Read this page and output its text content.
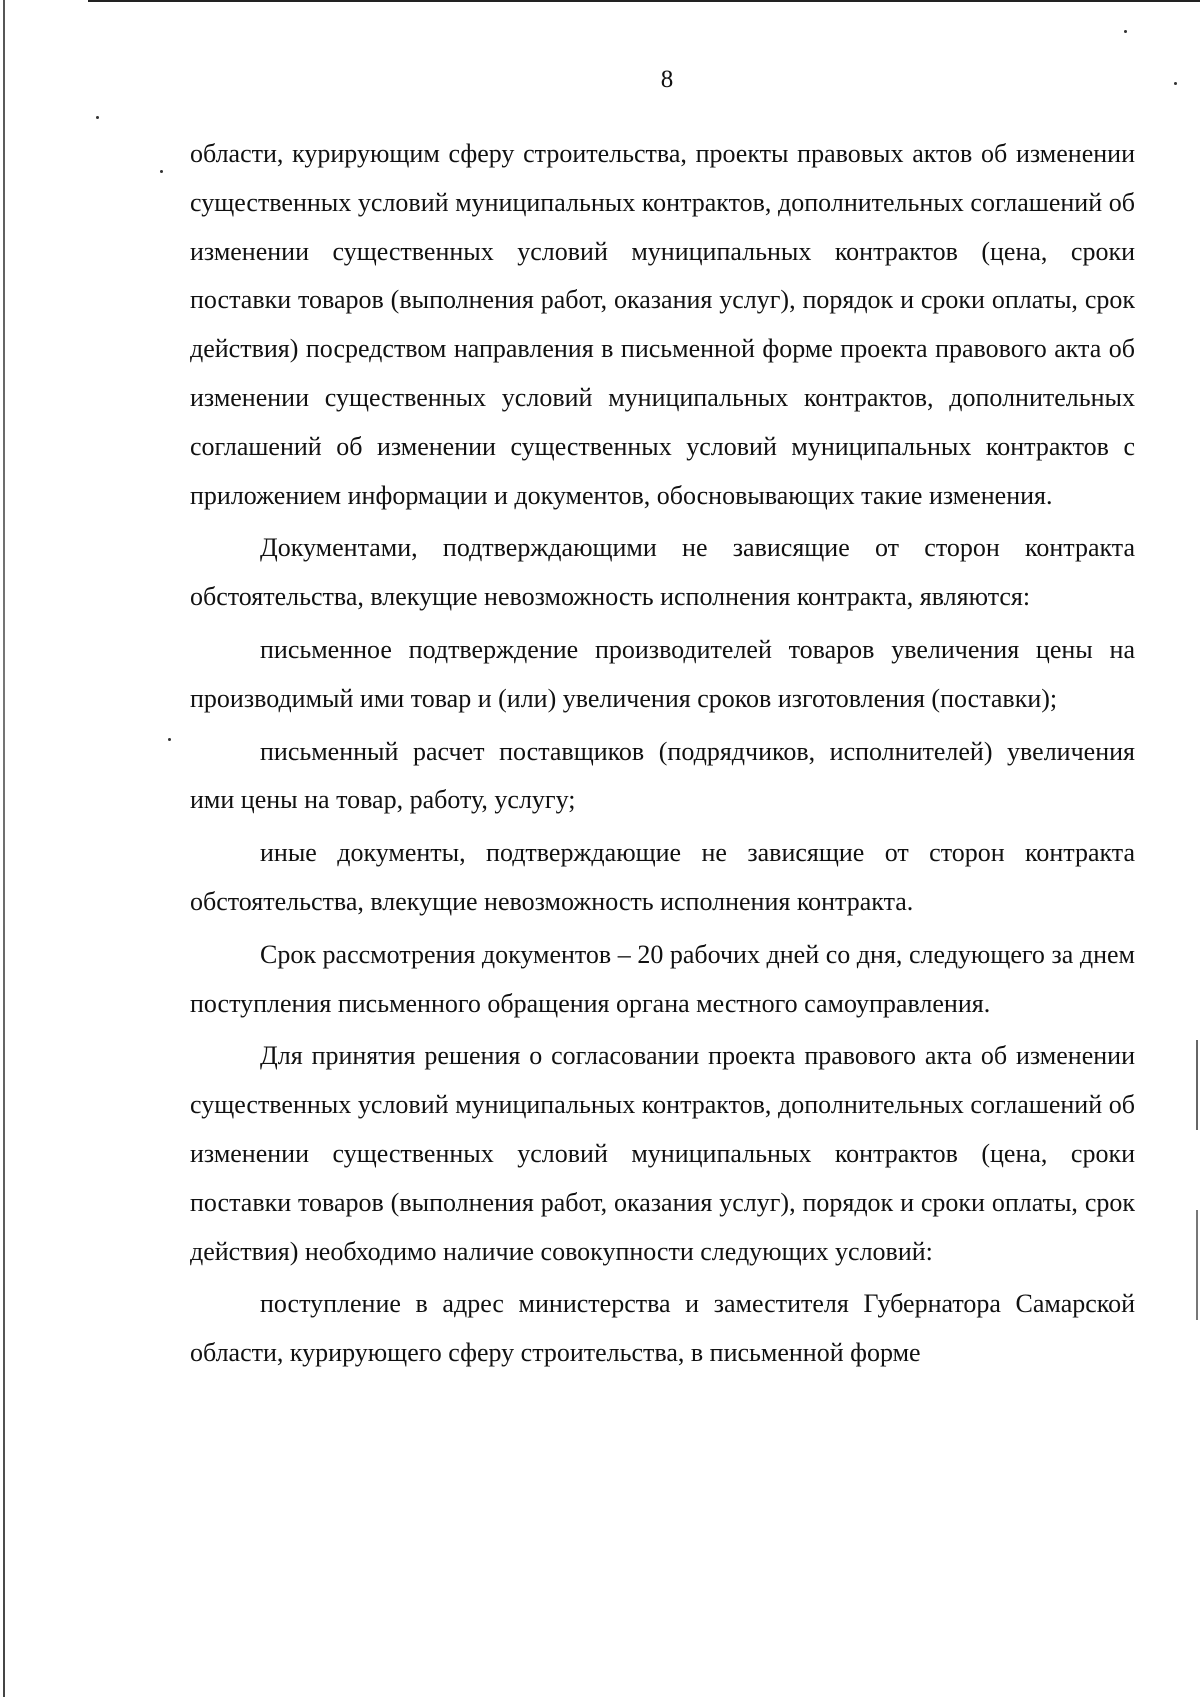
8

области, курирующим сферу строительства, проекты правовых актов об изменении существенных условий муниципальных контрактов, дополнительных соглашений об изменении существенных условий муниципальных контрактов (цена, сроки поставки товаров (выполнения работ, оказания услуг), порядок и сроки оплаты, срок действия) посредством направления в письменной форме проекта правового акта об изменении существенных условий муниципальных контрактов, дополнительных соглашений об изменении существенных условий муниципальных контрактов с приложением информации и документов, обосновывающих такие изменения.

Документами, подтверждающими не зависящие от сторон контракта обстоятельства, влекущие невозможность исполнения контракта, являются:

письменное подтверждение производителей товаров увеличения цены на производимый ими товар и (или) увеличения сроков изготовления (поставки);

письменный расчет поставщиков (подрядчиков, исполнителей) увеличения ими цены на товар, работу, услугу;

иные документы, подтверждающие не зависящие от сторон контракта обстоятельства, влекущие невозможность исполнения контракта.

Срок рассмотрения документов – 20 рабочих дней со дня, следующего за днем поступления письменного обращения органа местного самоуправления.

Для принятия решения о согласовании проекта правового акта об изменении существенных условий муниципальных контрактов, дополнительных соглашений об изменении существенных условий муниципальных контрактов (цена, сроки поставки товаров (выполнения работ, оказания услуг), порядок и сроки оплаты, срок действия) необходимо наличие совокупности следующих условий:

поступление в адрес министерства и заместителя Губернатора Самарской области, курирующего сферу строительства, в письменной форме
